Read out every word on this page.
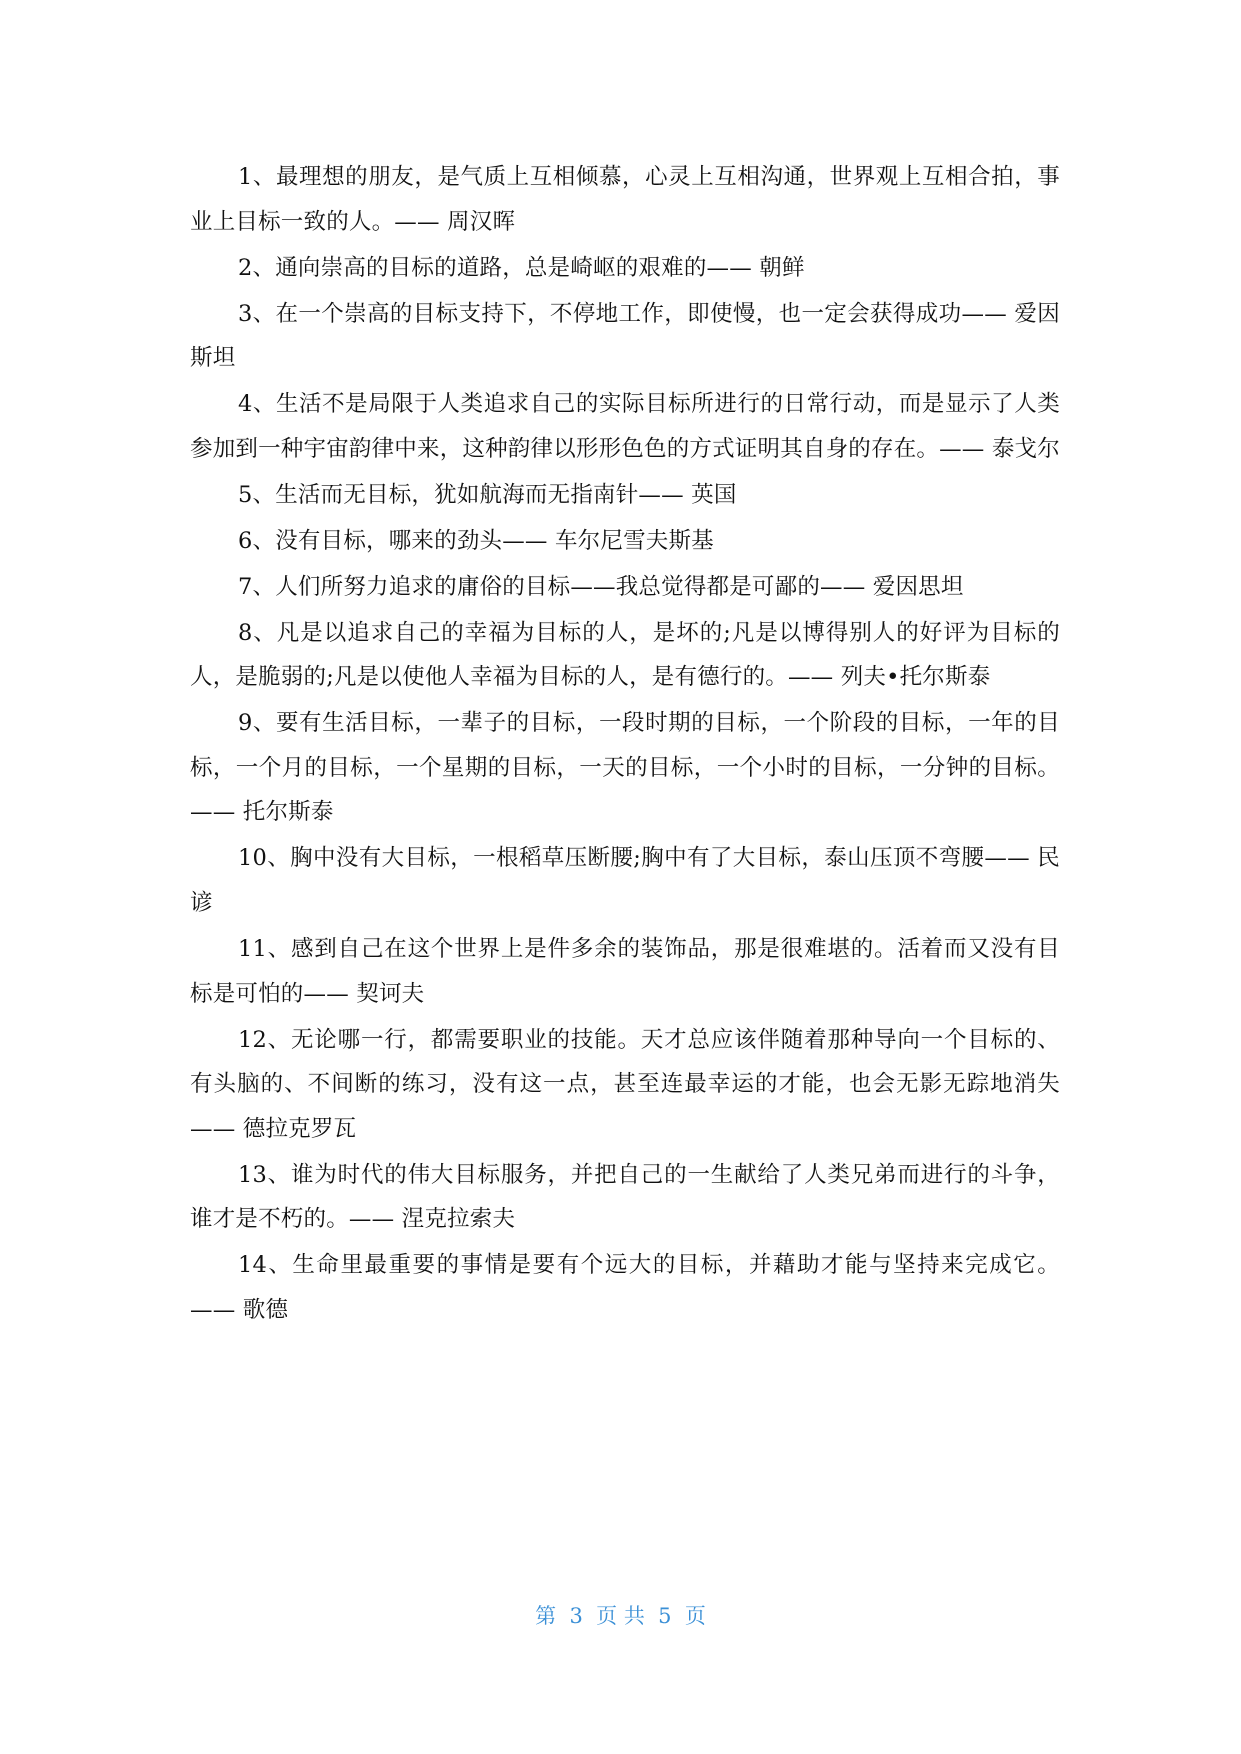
1、最理想的朋友，是气质上互相倾慕，心灵上互相沟通，世界观上互相合拍，事业上目标一致的人。—— 周汉晖

2、通向崇高的目标的道路，总是崎岖的艰难的—— 朝鲜

3、在一个崇高的目标支持下，不停地工作，即使慢，也一定会获得成功—— 爱因斯坦

4、生活不是局限于人类追求自己的实际目标所进行的日常行动，而是显示了人类参加到一种宇宙韵律中来，这种韵律以形形色色的方式证明其自身的存在。—— 泰戈尔

5、生活而无目标，犹如航海而无指南针—— 英国

6、没有目标，哪来的劲头—— 车尔尼雪夫斯基

7、人们所努力追求的庸俗的目标——我总觉得都是可鄙的—— 爱因思坦

8、凡是以追求自己的幸福为目标的人，是坏的;凡是以博得别人的好评为目标的人，是脆弱的;凡是以使他人幸福为目标的人，是有德行的。—— 列夫•托尔斯泰

9、要有生活目标，一辈子的目标，一段时期的目标，一个阶段的目标，一年的目标，一个月的目标，一个星期的目标，一天的目标，一个小时的目标，一分钟的目标。—— 托尔斯泰

10、胸中没有大目标，一根稻草压断腰;胸中有了大目标，泰山压顶不弯腰—— 民谚

11、感到自己在这个世界上是件多余的装饰品，那是很难堪的。活着而又没有目标是可怕的—— 契诃夫

12、无论哪一行，都需要职业的技能。天才总应该伴随着那种导向一个目标的、有头脑的、不间断的练习，没有这一点，甚至连最幸运的才能，也会无影无踪地消失—— 德拉克罗瓦

13、谁为时代的伟大目标服务，并把自己的一生献给了人类兄弟而进行的斗争，谁才是不朽的。—— 涅克拉索夫

14、生命里最重要的事情是要有个远大的目标，并藉助才能与坚持来完成它。—— 歌德

第  3  页 共  5  页
